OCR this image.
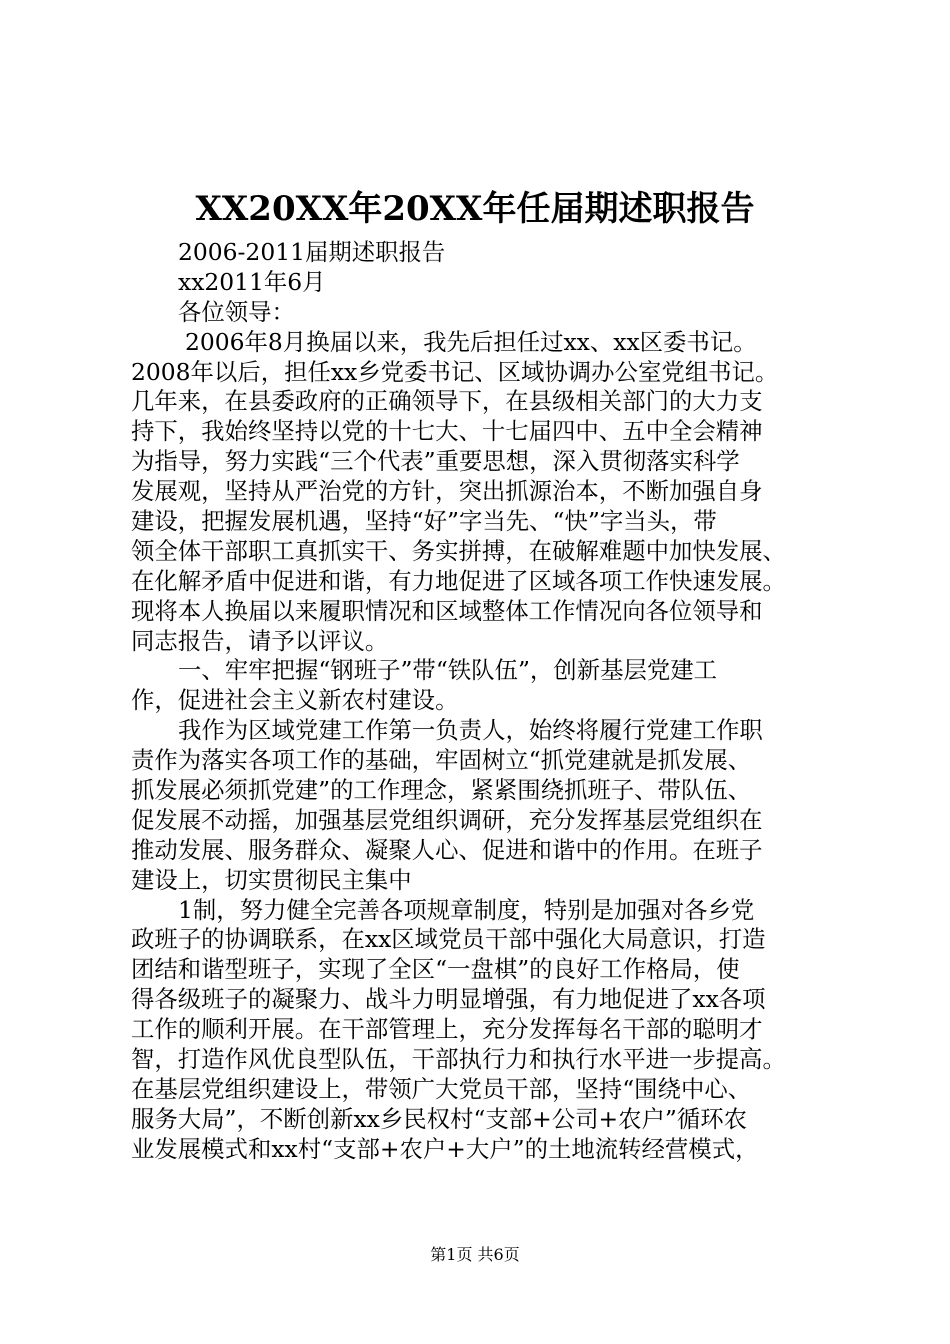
XX20XX年20XX年任届期述职报告
2006-2011届期述职报告
xx2011年6月
各位领导：
2006年8月换届以来，我先后担任过xx、xx区委书记。
2008年以后，担任xx乡党委书记、区域协调办公室党组书记。
几年来，在县委政府的正确领导下，在县级相关部门的大力支
持下，我始终坚持以党的十七大、十七届四中、五中全会精神
为指导，努力实践“三个代表”重要思想，深入贯彻落实科学
发展观，坚持从严治党的方针，突出抓源治本，不断加强自身
建设，把握发展机遇，坚持“好”字当先、“快”字当头，带
领全体干部职工真抓实干、务实拼搏，在破解难题中加快发展、
在化解矛盾中促进和谐，有力地促进了区域各项工作快速发展。
现将本人换届以来履职情况和区域整体工作情况向各位领导和
同志报告，请予以评议。
一、牢牢把握“钢班子”带“铁队伍”，创新基层党建工
作，促进社会主义新农村建设。
我作为区域党建工作第一负责人，始终将履行党建工作职
责作为落实各项工作的基础，牢固树立“抓党建就是抓发展、
抓发展必须抓党建”的工作理念，紧紧围绕抓班子、带队伍、
促发展不动摇，加强基层党组织调研，充分发挥基层党组织在
推动发展、服务群众、凝聚人心、促进和谐中的作用。在班子
建设上，切实贯彻民主集中
1制，努力健全完善各项规章制度，特别是加强对各乡党
政班子的协调联系，在xx区域党员干部中强化大局意识，打造
团结和谐型班子，实现了全区“一盘棋”的良好工作格局，使
得各级班子的凝聚力、战斗力明显增强，有力地促进了xx各项
工作的顺利开展。在干部管理上，充分发挥每名干部的聪明才
智，打造作风优良型队伍，干部执行力和执行水平进一步提高。
在基层党组织建设上，带领广大党员干部，坚持“围绕中心、
服务大局”，不断创新xx乡民权村“支部+公司+农户”循环农
业发展模式和xx村“支部+农户+大户”的土地流转经营模式，
第1页 共6页
